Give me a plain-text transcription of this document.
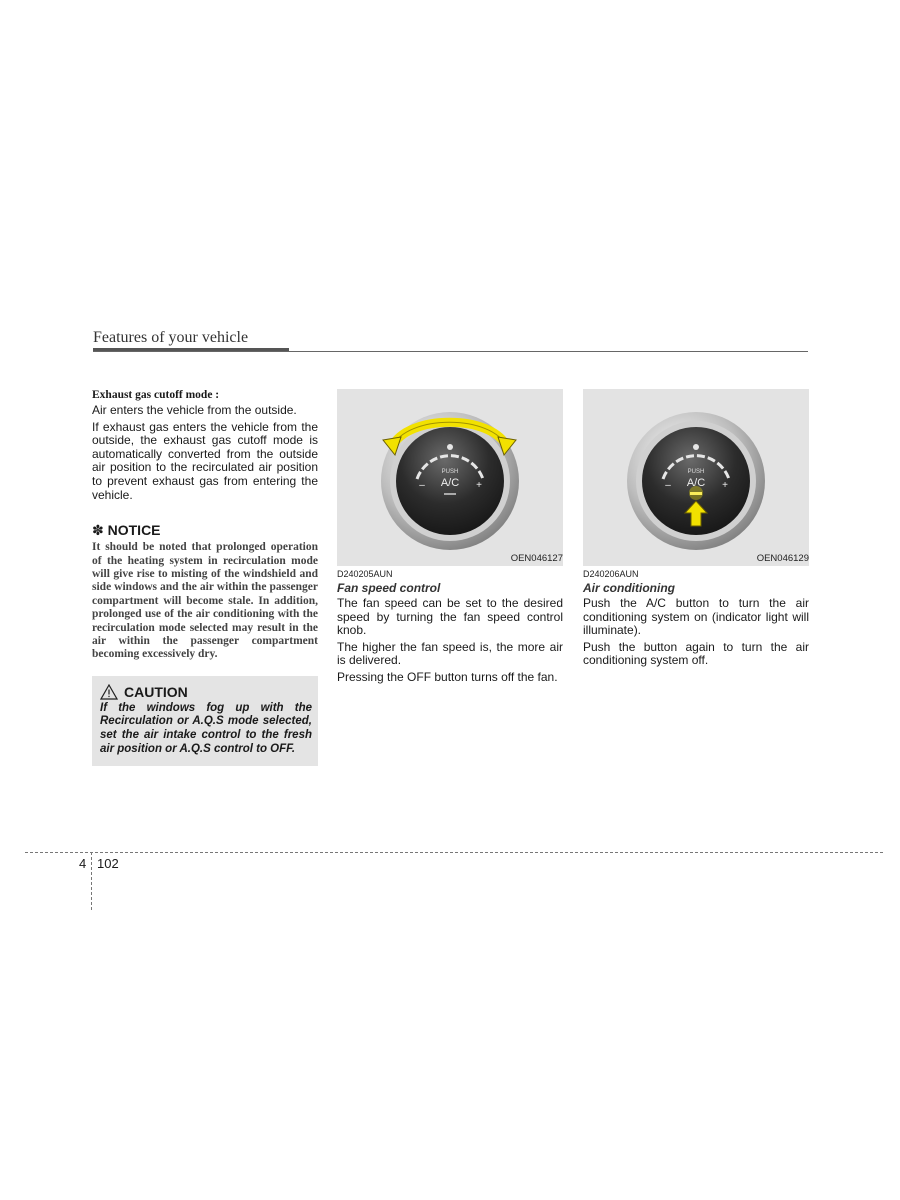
Features of your vehicle

Exhaust gas cutoff mode :

Air enters the vehicle from the outside.

If exhaust gas enters the vehicle from the outside, the exhaust gas cutoff mode is automatically converted from the outside air position to the recirculated air position to prevent exhaust gas from entering the vehicle.

✽ NOTICE

It should be noted that prolonged operation of the heating system in recirculation mode will give rise to misting of the windshield and side windows and the air within the passenger compartment will become stale. In addition, prolonged use of the air conditioning with the recirculation mode selected may result in the air within the passenger compartment becoming excessively dry.

CAUTION

If the windows fog up with the Recirculation or A.Q.S mode selected, set the air intake control to the fresh air position or A.Q.S control to OFF.

PUSH
A/C
–	+
OEN046127

D240205AUN

Fan speed control

The fan speed can be set to the desired speed by turning the fan speed control knob.

The higher the fan speed is, the more air is delivered.

Pressing the OFF button turns off the fan.

PUSH
A/C
–	+
OEN046129

D240206AUN

Air conditioning

Push the A/C button to turn the air conditioning system on (indicator light will illuminate).

Push the button again to turn the air conditioning system off.

4 102
